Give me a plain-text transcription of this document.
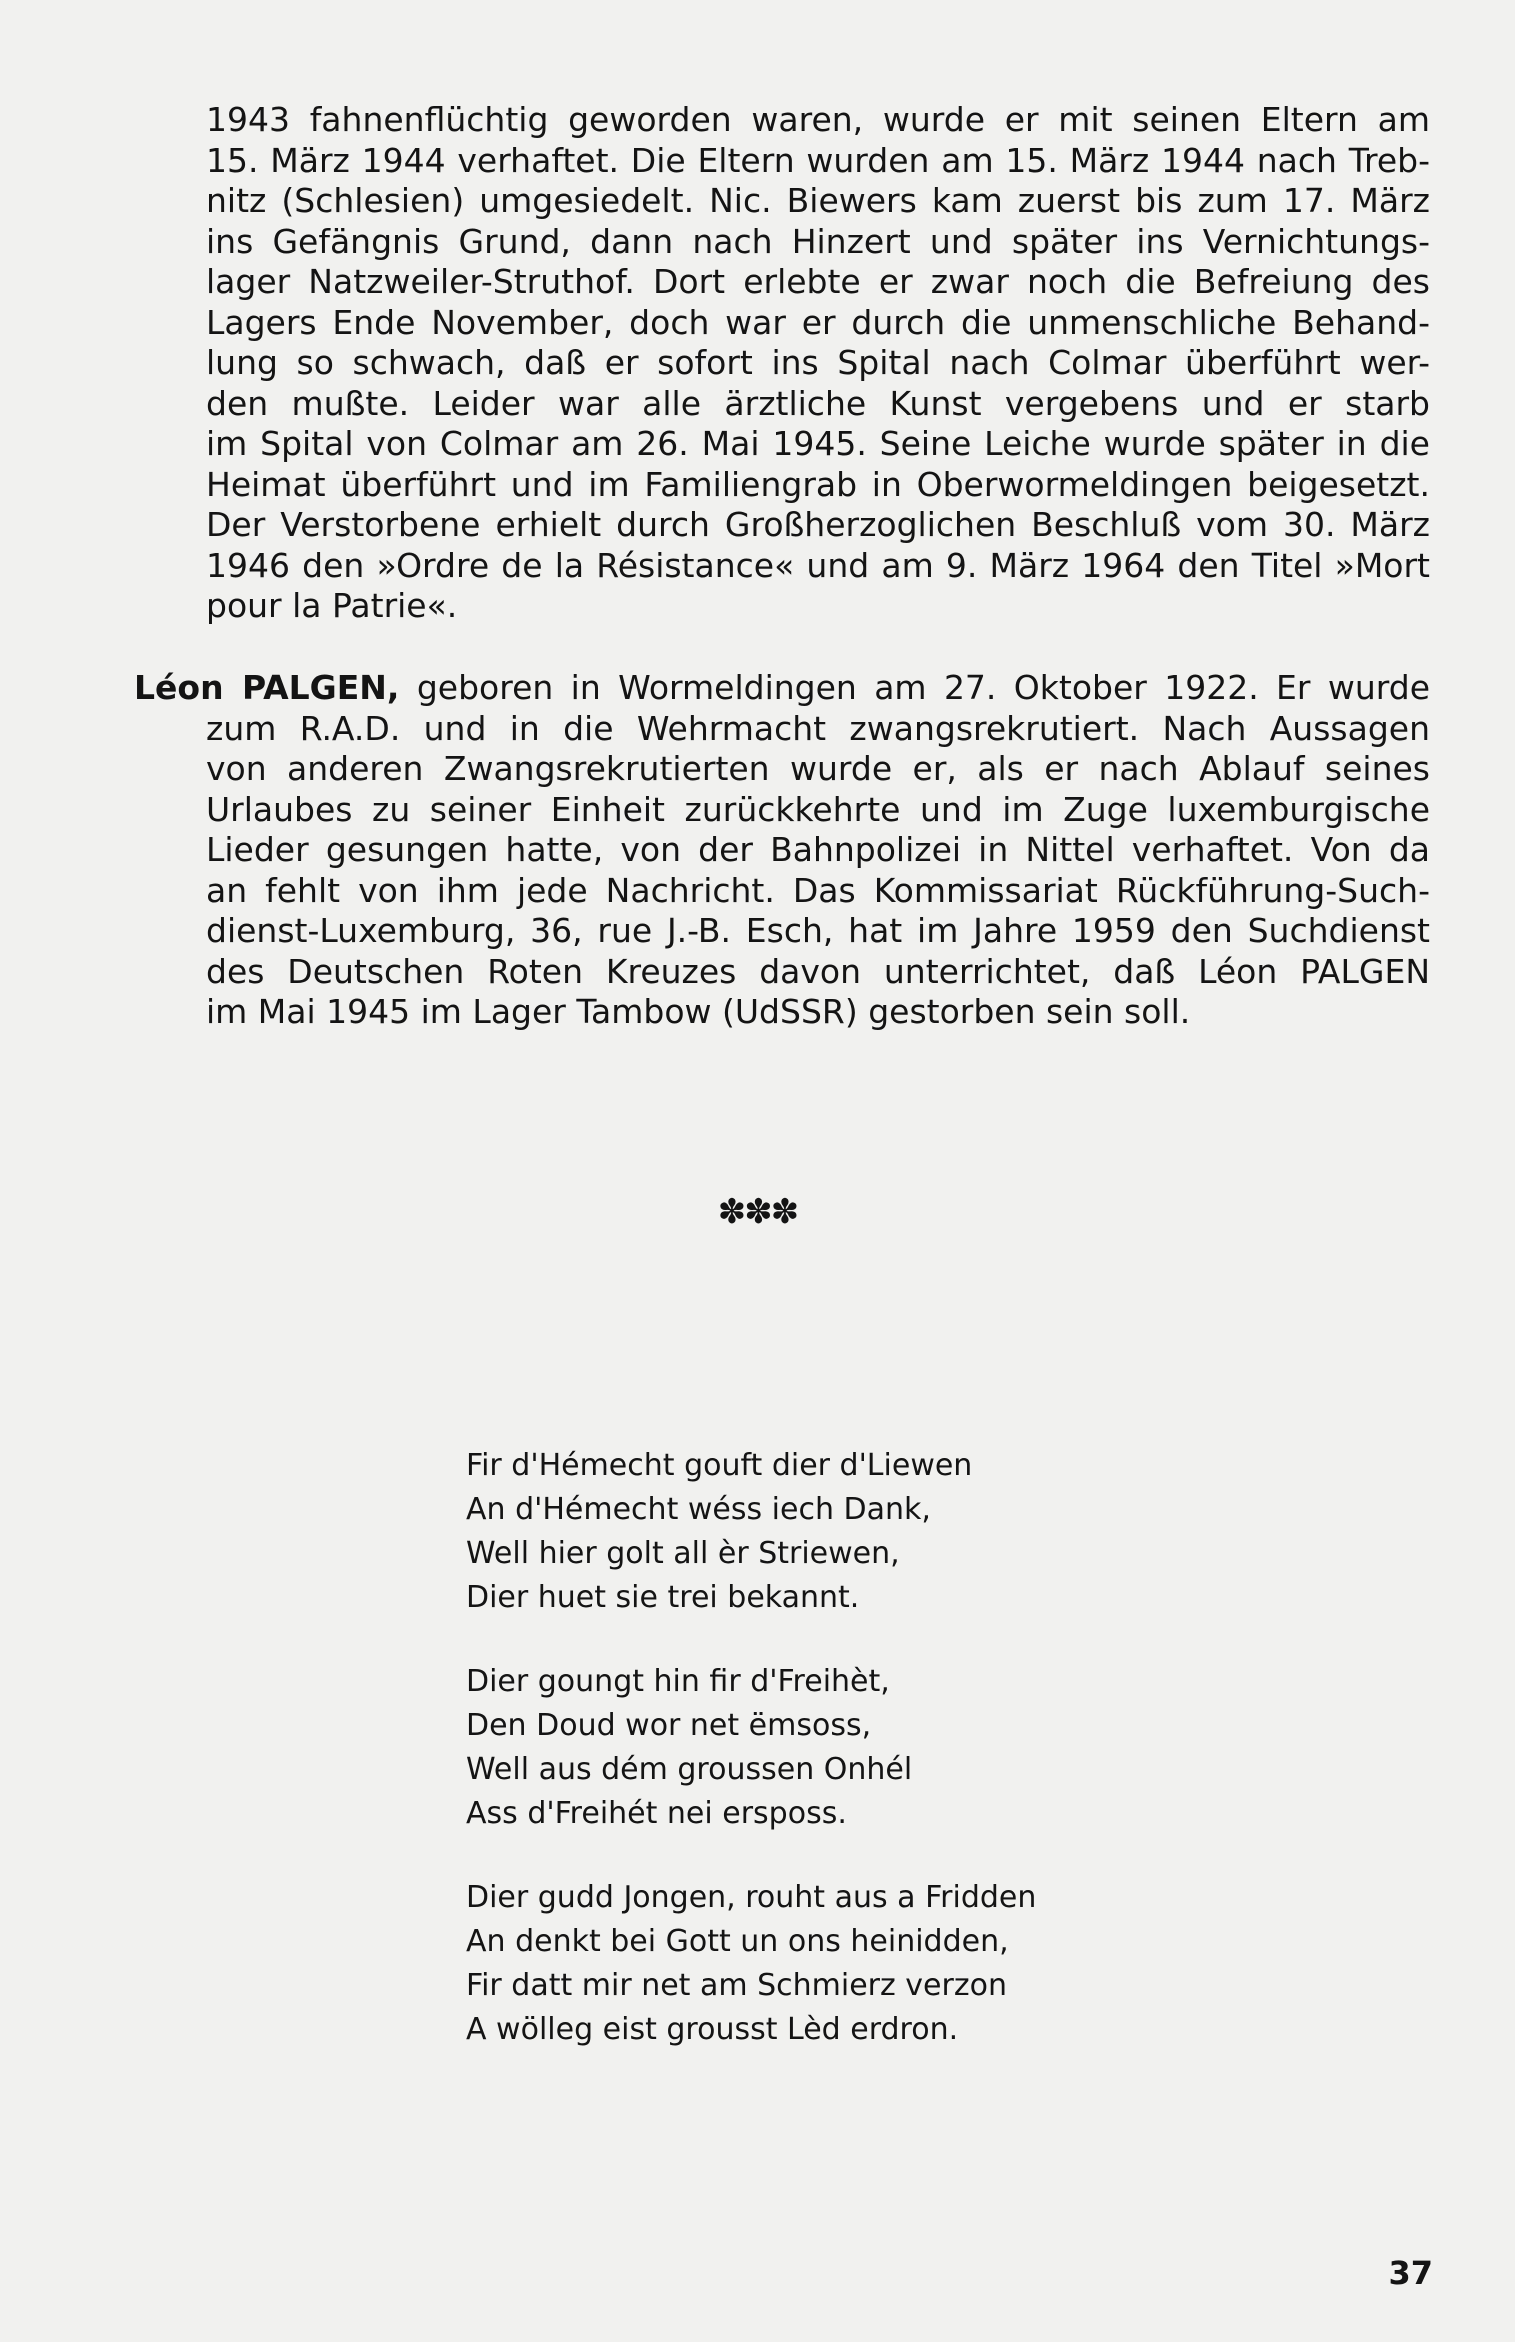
1943 fahnenflüchtig geworden waren, wurde er mit seinen Eltern am
15. März 1944 verhaftet. Die Eltern wurden am 15. März 1944 nach Treb-
nitz (Schlesien) umgesiedelt. Nic. Biewers kam zuerst bis zum 17. März
ins Gefängnis Grund, dann nach Hinzert und später ins Vernichtungs-
lager Natzweiler-Struthof. Dort erlebte er zwar noch die Befreiung des
Lagers Ende November, doch war er durch die unmenschliche Behand-
lung so schwach, daß er sofort ins Spital nach Colmar überführt wer-
den mußte. Leider war alle ärztliche Kunst vergebens und er starb
im Spital von Colmar am 26. Mai 1945. Seine Leiche wurde später in die
Heimat überführt und im Familiengrab in Oberwormeldingen beigesetzt.
Der Verstorbene erhielt durch Großherzoglichen Beschluß vom 30. März
1946 den »Ordre de la Résistance« und am 9. März 1964 den Titel »Mort
pour la Patrie«.
Léon PALGEN, geboren in Wormeldingen am 27. Oktober 1922. Er wurde
zum R.A.D. und in die Wehrmacht zwangsrekrutiert. Nach Aussagen
von anderen Zwangsrekrutierten wurde er, als er nach Ablauf seines
Urlaubes zu seiner Einheit zurückkehrte und im Zuge luxemburgische
Lieder gesungen hatte, von der Bahnpolizei in Nittel verhaftet. Von da
an fehlt von ihm jede Nachricht. Das Kommissariat Rückführung-Such-
dienst-Luxemburg, 36, rue J.-B. Esch, hat im Jahre 1959 den Suchdienst
des Deutschen Roten Kreuzes davon unterrichtet, daß Léon PALGEN
im Mai 1945 im Lager Tambow (UdSSR) gestorben sein soll.
✽✽✽
Fir d'Hémecht gouft dier d'Liewen
An d'Hémecht wéss iech Dank,
Well hier golt all èr Striewen,
Dier huet sie trei bekannt.
Dier goungt hin fir d'Freihèt,
Den Doud wor net ëmsoss,
Well aus dém groussen Onhél
Ass d'Freihét nei ersposs.
Dier gudd Jongen, rouht aus a Fridden
An denkt bei Gott un ons heinidden,
Fir datt mir net am Schmierz verzon
A wölleg eist grousst Lèd erdron.
37
